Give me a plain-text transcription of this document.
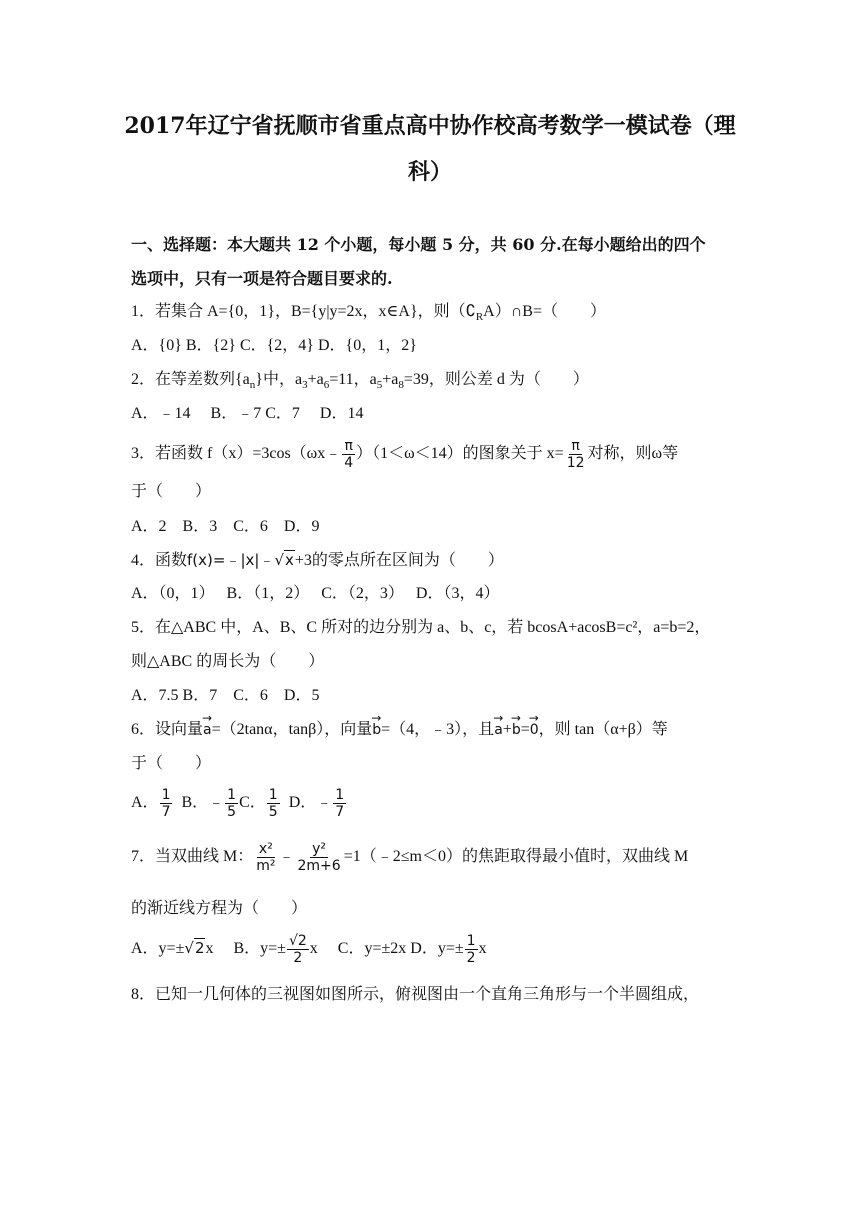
2017年辽宁省抚顺市省重点高中协作校高考数学一模试卷（理
科）
一、选择题：本大题共 12 个小题，每小题 5 分，共 60 分.在每小题给出的四个
选项中，只有一项是符合题目要求的.
1．若集合 A={0，1}，B={y|y=2x，x∈A}，则$(∁_RA)\cap B=$（　　）
A．{0} B．{2} C．{2，4} D．{0，1，2}
2．在等差数列$\{a_n\}$中，$a_3+a_6=11$，$a_5+a_8=39$，则公差 d 为（　　）
A．﹣14　 B．﹣7 C．7　 D．14
3．若函数 f（x）=3cos（ωx﹣ $\frac{\pi}{4} )(1<\omega<14)$的图象关于 $x= \frac{\pi}{12}$ 对称，则ω等
于（　　）
A．2　B．3　C．6　D．9
4．函数f(x)=﹣|x|﹣√x+3的零点所在区间为（　　）
A．（0，1）　 B．（1，2）　 C．（2，3）　 D．（3，4）
5．在△ABC 中，A、B、C 所对的边分别为 a、b、c，若 bcosA+acosB=c²，a=b=2，
则△ABC 的周长为（　　）
A．7.5 B．7　C．6　D．5
6．设向量→ a=（2tanα，tanβ），向量→ b=（4，﹣3），且→ a+→ b=→ 0，则 tan（α+β）等
于（　　）
A． $\frac{1}{7}$ B．﹣ $\frac{1}{5}$ C． $\frac{1}{5}$ D．﹣ $\frac{1}{7}$
7．当双曲线 M： $\frac{\text{x²}}{\text{m²}}$ ﹣ $\frac{\text{y²}}{2m+6}$ =1（﹣2≤m＜0）的焦距取得最小值时，双曲线 M
的渐近线方程为（　　）
A．y=±√2x　 B．$y=\pm \frac{√2}{2}$ x　 C．y=±2x D．$y=\pm \frac{1}{2}$ x
8．已知一几何体的三视图如图所示，俯视图由一个直角三角形与一个半圆组成，
